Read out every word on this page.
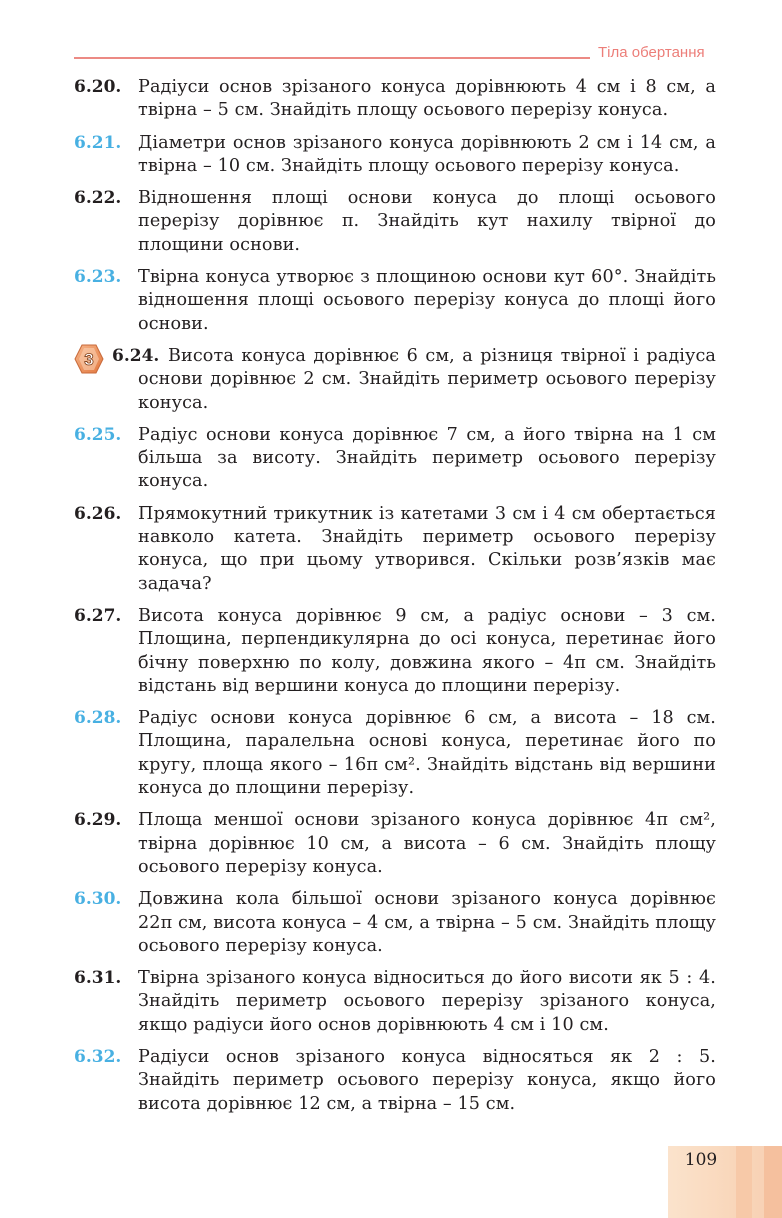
Тіла обертання
6.20. Радіуси основ зрізаного конуса дорівнюють 4 см і 8 см, а твірна – 5 см. Знайдіть площу осьового перерізу конуса.
6.21. Діаметри основ зрізаного конуса дорівнюють 2 см і 14 см, а твірна – 10 см. Знайдіть площу осьового перерізу конуса.
6.22. Відношення площі основи конуса до площі осьового перерізу дорівнює π. Знайдіть кут нахилу твірної до площини основи.
6.23. Твірна конуса утворює з площиною основи кут 60°. Знайдіть відношення площі осьового перерізу конуса до площі його основи.
3 6.24. Висота конуса дорівнює 6 см, а різниця твірної і радіуса основи дорівнює 2 см. Знайдіть периметр осьового перерізу конуса.
6.25. Радіус основи конуса дорівнює 7 см, а його твірна на 1 см більша за висоту. Знайдіть периметр осьового перерізу конуса.
6.26. Прямокутний трикутник із катетами 3 см і 4 см обертається навколо катета. Знайдіть периметр осьового перерізу конуса, що при цьому утворився. Скільки розв’язків має задача?
6.27. Висота конуса дорівнює 9 см, а радіус основи – 3 см. Площина, перпендикулярна до осі конуса, перетинає його бічну поверхню по колу, довжина якого – 4π см. Знайдіть відстань від вершини конуса до площини перерізу.
6.28. Радіус основи конуса дорівнює 6 см, а висота – 18 см. Площина, паралельна основі конуса, перетинає його по кругу, площа якого – 16π см². Знайдіть відстань від вершини конуса до площини перерізу.
6.29. Площа меншої основи зрізаного конуса дорівнює 4π см², твірна дорівнює 10 см, а висота – 6 см. Знайдіть площу осьового перерізу конуса.
6.30. Довжина кола більшої основи зрізаного конуса дорівнює 22π см, висота конуса – 4 см, а твірна – 5 см. Знайдіть площу осьового перерізу конуса.
6.31. Твірна зрізаного конуса відноситься до його висоти як 5 : 4. Знайдіть периметр осьового перерізу зрізаного конуса, якщо радіуси його основ дорівнюють 4 см і 10 см.
6.32. Радіуси основ зрізаного конуса відносяться як 2 : 5. Знайдіть периметр осьового перерізу конуса, якщо його висота дорівнює 12 см, а твірна – 15 см.
109
